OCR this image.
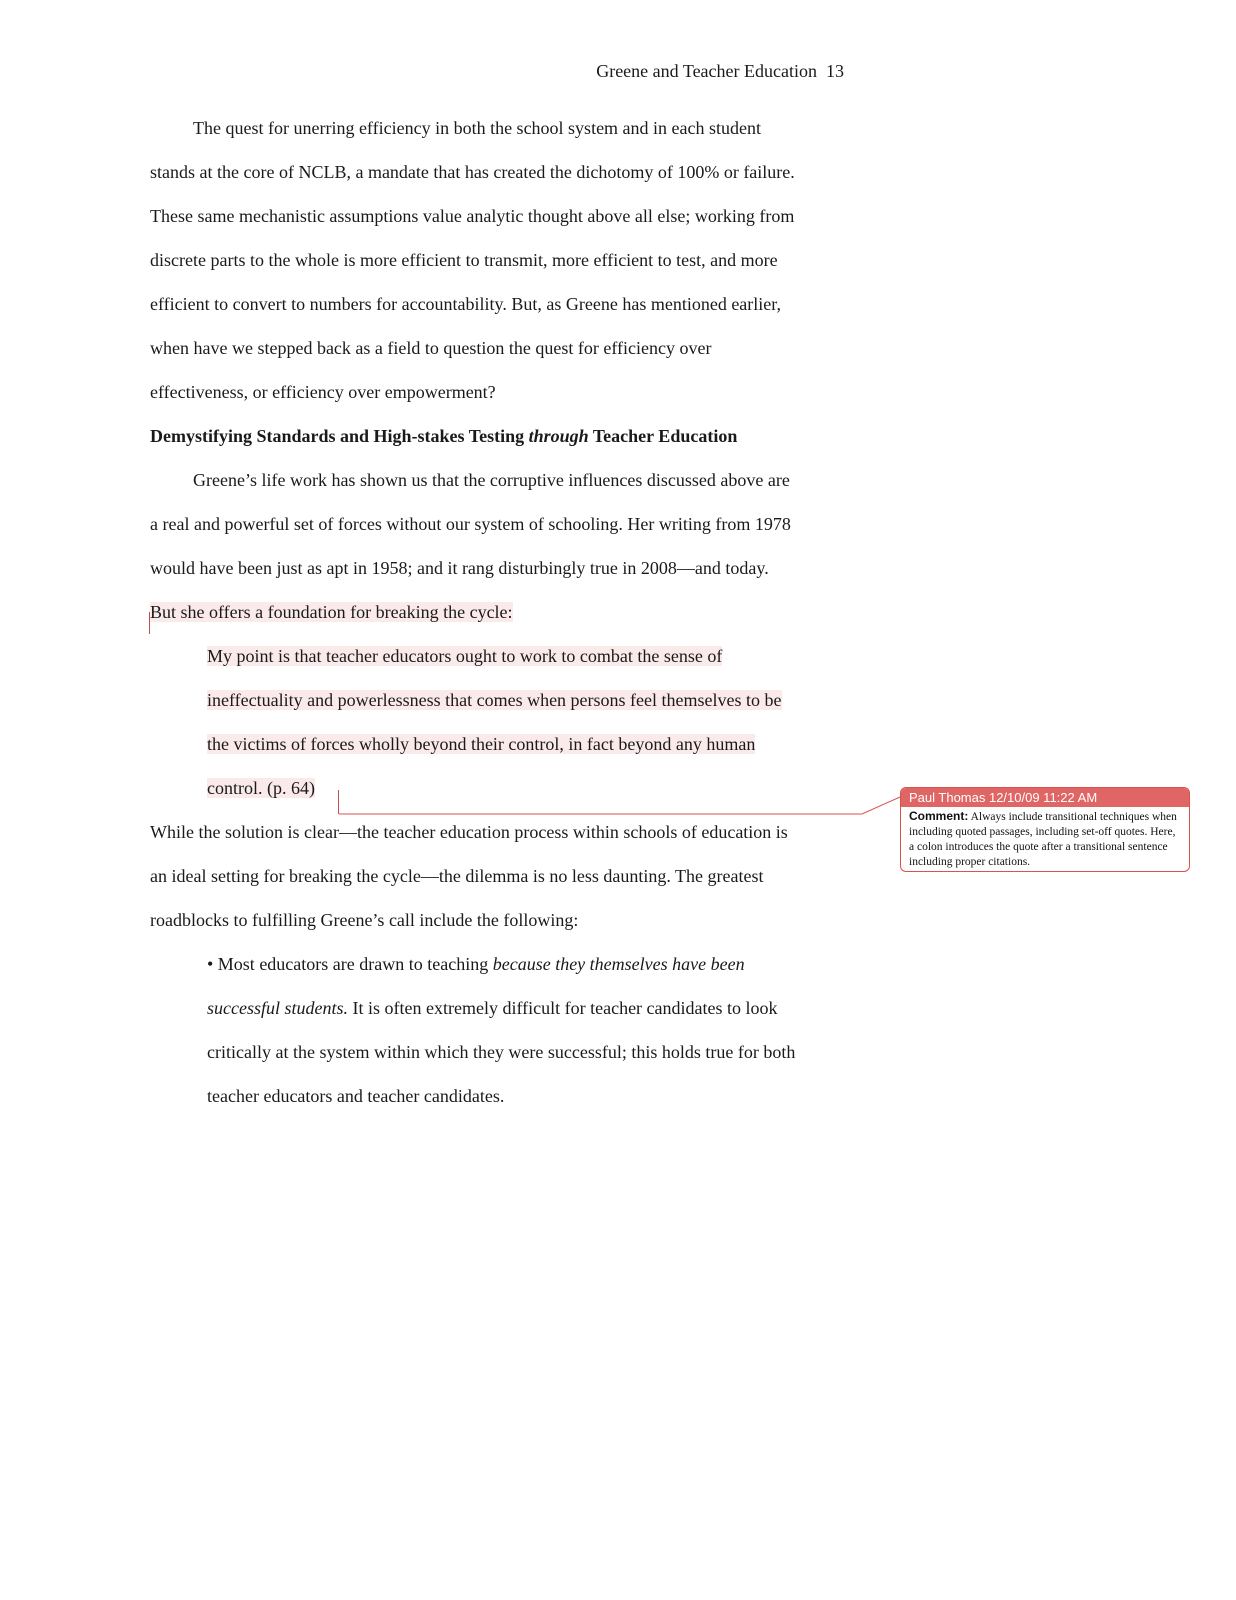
Greene and Teacher Education 13
The quest for unerring efficiency in both the school system and in each student
stands at the core of NCLB, a mandate that has created the dichotomy of 100% or failure.
These same mechanistic assumptions value analytic thought above all else; working from
discrete parts to the whole is more efficient to transmit, more efficient to test, and more
efficient to convert to numbers for accountability. But, as Greene has mentioned earlier,
when have we stepped back as a field to question the quest for efficiency over
effectiveness, or efficiency over empowerment?
Demystifying Standards and High-stakes Testing through Teacher Education
Greene’s life work has shown us that the corruptive influences discussed above are
a real and powerful set of forces without our system of schooling. Her writing from 1978
would have been just as apt in 1958; and it rang disturbingly true in 2008—and today.
But she offers a foundation for breaking the cycle:
My point is that teacher educators ought to work to combat the sense of
ineffectuality and powerlessness that comes when persons feel themselves to be
the victims of forces wholly beyond their control, in fact beyond any human
control. (p. 64)
While the solution is clear—the teacher education process within schools of education is
an ideal setting for breaking the cycle—the dilemma is no less daunting. The greatest
roadblocks to fulfilling Greene’s call include the following:
• Most educators are drawn to teaching because they themselves have been
successful students. It is often extremely difficult for teacher candidates to look
critically at the system within which they were successful; this holds true for both
teacher educators and teacher candidates.
Paul Thomas 12/10/09 11:22 AM
Comment: Always include transitional techniques when including quoted passages, including set-off quotes. Here, a colon introduces the quote after a transitional sentence including proper citations.
